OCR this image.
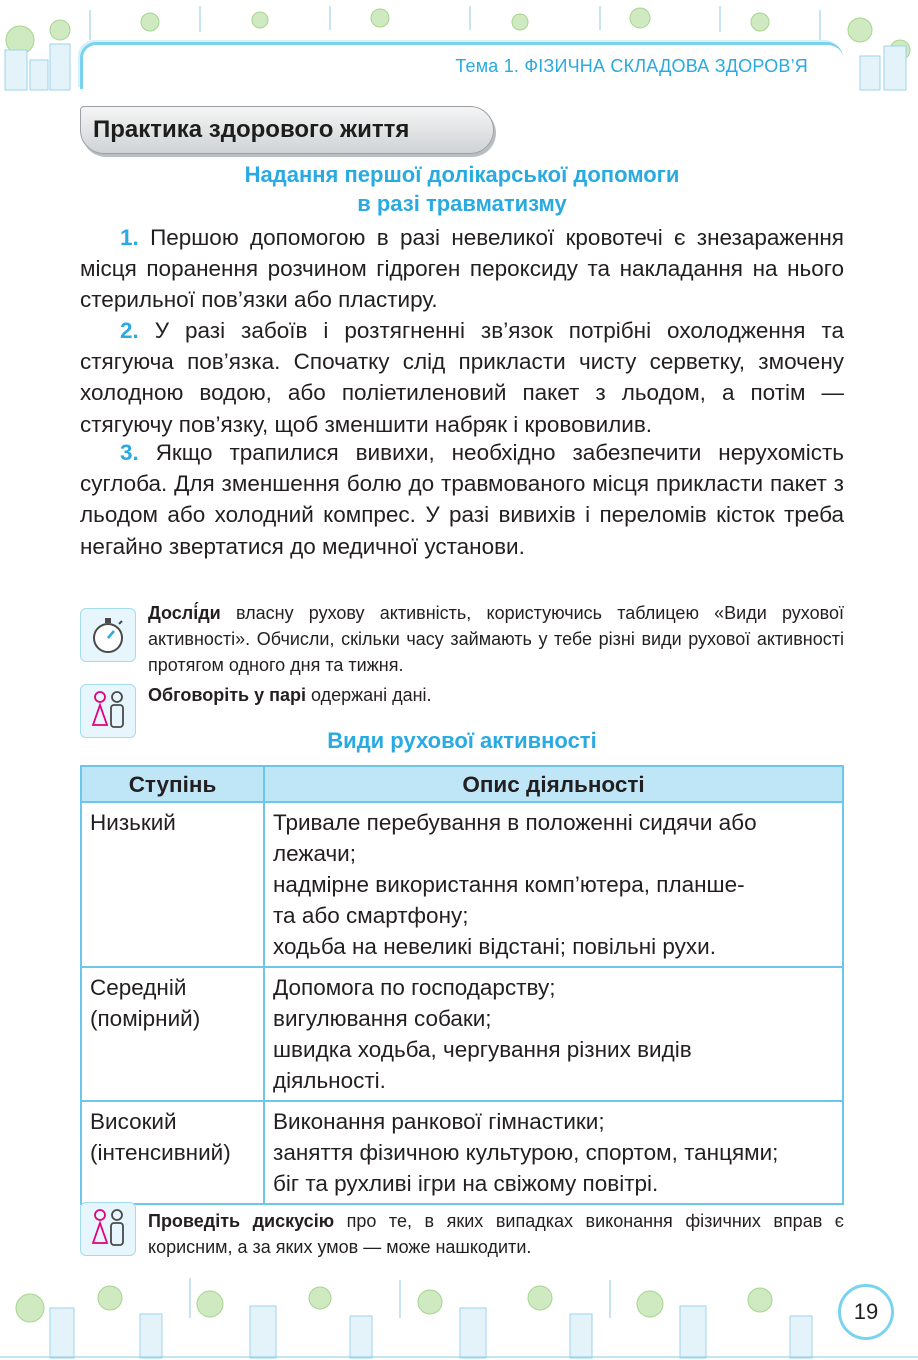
Тема 1. ФІЗИЧНА СКЛАДОВА ЗДОРОВ’Я
Практика здорового життя
Надання першої долікарської допомоги
в разі травматизму
1. Першою допомогою в разі невеликої кровотечі є знезараження місця поранення розчином гідроген пероксиду та накладання на нього стерильної пов’язки або пластиру.
2. У разі забоїв і розтягненні зв’язок потрібні охолодження та стягуюча пов’язка. Спочатку слід прикласти чисту серветку, змочену холодною водою, або поліетиленовий пакет з льодом, а потім — стягуючу пов’язку, щоб зменшити набряк і крововилив.
3. Якщо трапилися вивихи, необхідно забезпечити нерухомість суглоба. Для зменшення болю до травмованого місця прикласти пакет з льодом або холодний компрес. У разі вивихів і переломів кісток треба негайно звертатися до медичної установи.
Дослі́ди власну рухову активність, користуючись таблицею «Види рухової активності». Обчисли, скільки часу займають у тебе різні види рухової активності протягом одного дня та тижня.
Обговоріть у парі одержані дані.
Види рухової активності
Ступінь	Опис діяльності

Низький	Тривале перебування в положенні сидячи або
лежачи;
надмірне використання комп’ютера, планше-
та або смартфону;
ходьба на невеликі відстані; повільні рухи.

Середній
(помірний)	Допомога по господарству;
вигулювання собаки;
швидка ходьба, чергування різних видів
діяльності.

Високий
(інтенсивний)	Виконання ранкової гімнастики;
заняття фізичною культурою, спортом, танцями;
біг та рухливі ігри на свіжому повітрі.
Проведіть дискусію про те, в яких випадках виконання фізичних вправ є корисним, а за яких умов — може нашкодити.
19
